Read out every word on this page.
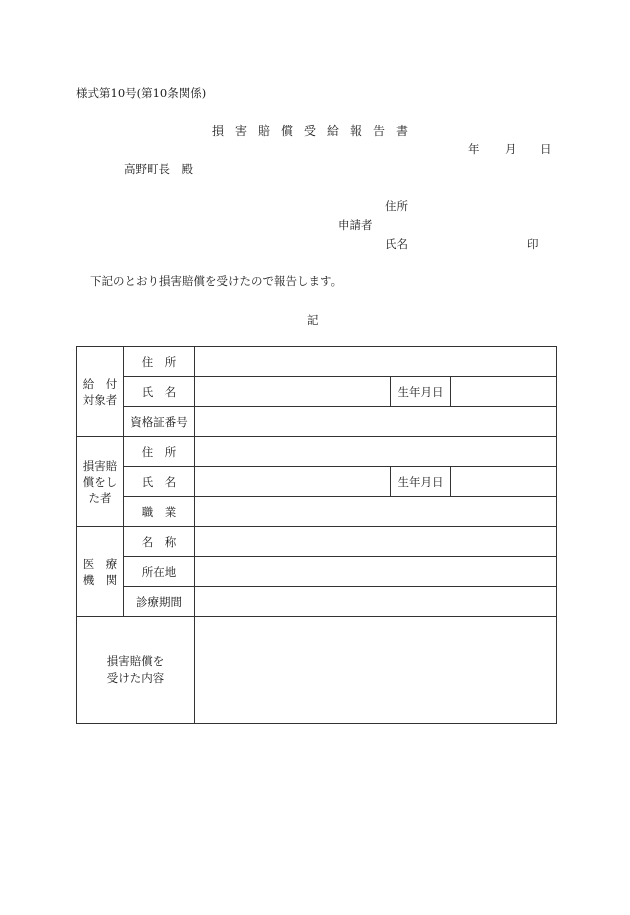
様式第10号(第10条関係)
損害賠償受給報告書
年 月 日
高野町長　殿
住所
申請者
氏名	印
下記のとおり損害賠償を受けたので報告します。
記
給　付
対象者	住　所			
	氏　名		生年月日	
	資格証番号			
損害賠
償をし
た者	住　所			
	氏　名		生年月日	
	職　業			
医　療
機　関	名　称			
	所在地			
	診療期間			
損害賠償を
受けた内容				
